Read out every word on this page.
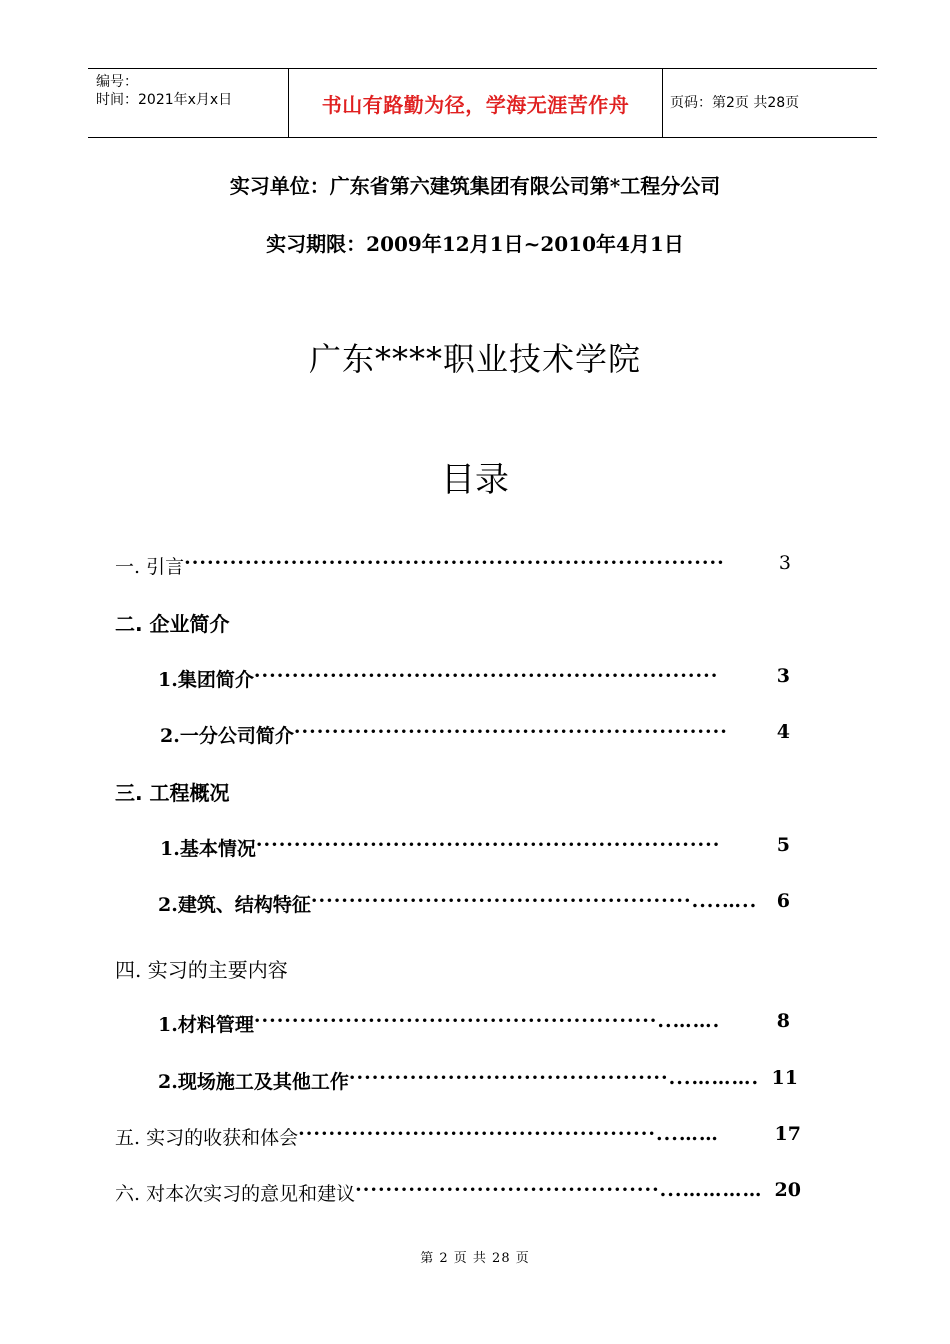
编号：
时间：2021年x月x日	书山有路勤为径，学海无涯苦作舟	页码：第2页 共28页
实习单位：广东省第六建筑集团有限公司第*工程分公司
实习期限：2009年12月1日~2010年4月1日
广东****职业技术学院
目录
一. 引言 ·······································································	3
二. 企业简介
1.集团简介 ·····························································	3
2.一分公司简介 ·························································	4
三. 工程概况
1.基本情况 ·····························································	5
2.建筑、结构特征 ··················································....…..	6
四. 实习的主要内容
1.材料管理 ·····················································..…….	8
2.现场施工及其他工作 ··········································...………. 11
五. 实习的收获和体会 ···············································...……	17
六. 对本次实习的意见和建议 ········································...………… 20
第 2 页 共 28 页
